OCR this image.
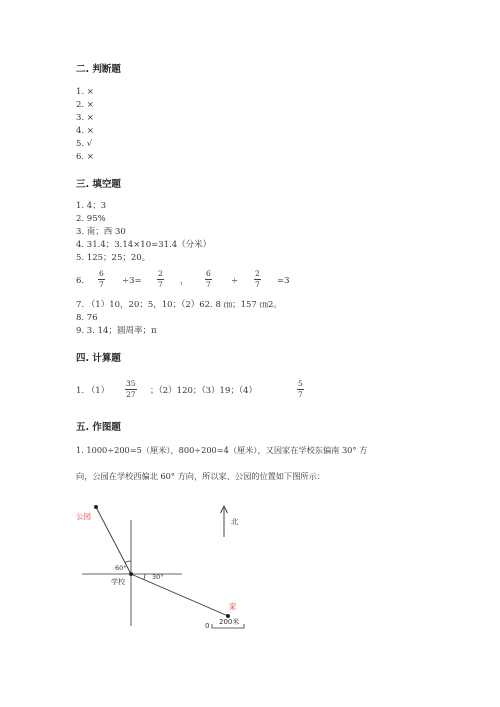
二. 判断题
1. ×
2. ×
3. ×
4. ×
5. √
6. ×
三. 填空题
1. 4；3
2. 95%
3. 南；西 30
4. 31.4；3.14×10=31.4（分米）
5. 125；25；20。
6.
6
7 ÷3=
2
7 ，
6
7 ÷
2
7 =3
7. （1）10，20；5，10；（2）62. 8 ㎝；157 ㎝2。
8. 76
9. 3. 14；圆周率；π
四. 计算题
1. （1）
35
27 ；（2）120；（3）19；（4）
5
7
五. 作图题
1. 1000÷200=5（厘米），800÷200=4（厘米），又因家在学校东偏南 30° 方
向，公园在学校西偏北 60° 方向，所以家、公园的位置如下图所示：
公园
60°
30°
学校
家
北
0 200米
